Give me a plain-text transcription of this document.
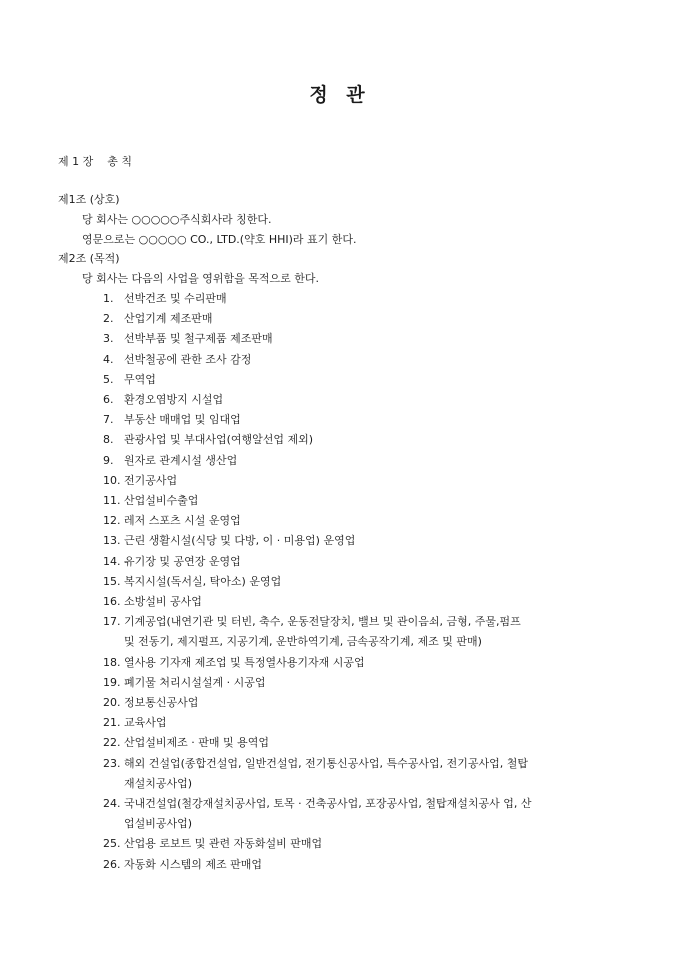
정 관
제 1 장 총 칙
제1조 (상호)
당 회사는 ○○○○○주식회사라 칭한다.
영문으로는 ○○○○○ CO., LTD.(약호 HHI)라 표기 한다.
제2조 (목적)
당 회사는 다음의 사업을 영위함을 목적으로 한다.
1. 선박건조 및 수리판매
2. 산업기계 제조판매
3. 선박부품 및 철구제품 제조판매
4. 선박철공에 관한 조사 감정
5. 무역업
6. 환경오염방지 시설업
7. 부동산 매매업 및 임대업
8. 관광사업 및 부대사업(여행알선업 제외)
9. 원자로 관계시설 생산업
10. 전기공사업
11. 산업설비수출업
12. 레저 스포츠 시설 운영업
13. 근린 생활시설(식당 및 다방, 이 · 미용업) 운영업
14. 유기장 및 공연장 운영업
15. 복지시설(독서실, 탁아소) 운영업
16. 소방설비 공사업
17. 기계공업(내연기관 및 터빈, 축수, 운동전달장치, 밸브 및 관이음쇠, 금형, 주물,펌프
및 전동기, 제지펄프, 지공기계, 운반하역기계, 금속공작기계, 제조 및 판매)
18. 열사용 기자재 제조업 및 특정열사용기자재 시공업
19. 폐기물 처리시설설계 · 시공업
20. 정보통신공사업
21. 교육사업
22. 산업설비제조 · 판매 및 용역업
23. 해외 건설업(종합건설업, 일반건설업, 전기통신공사업, 특수공사업, 전기공사업, 철탑
재설치공사업)
24. 국내건설업(철강재설치공사업, 토목 · 건축공사업, 포장공사업, 철탑재설치공사 업, 산
업설비공사업)
25. 산업용 로보트 및 관련 자동화설비 판매업
26. 자동화 시스템의 제조 판매업
